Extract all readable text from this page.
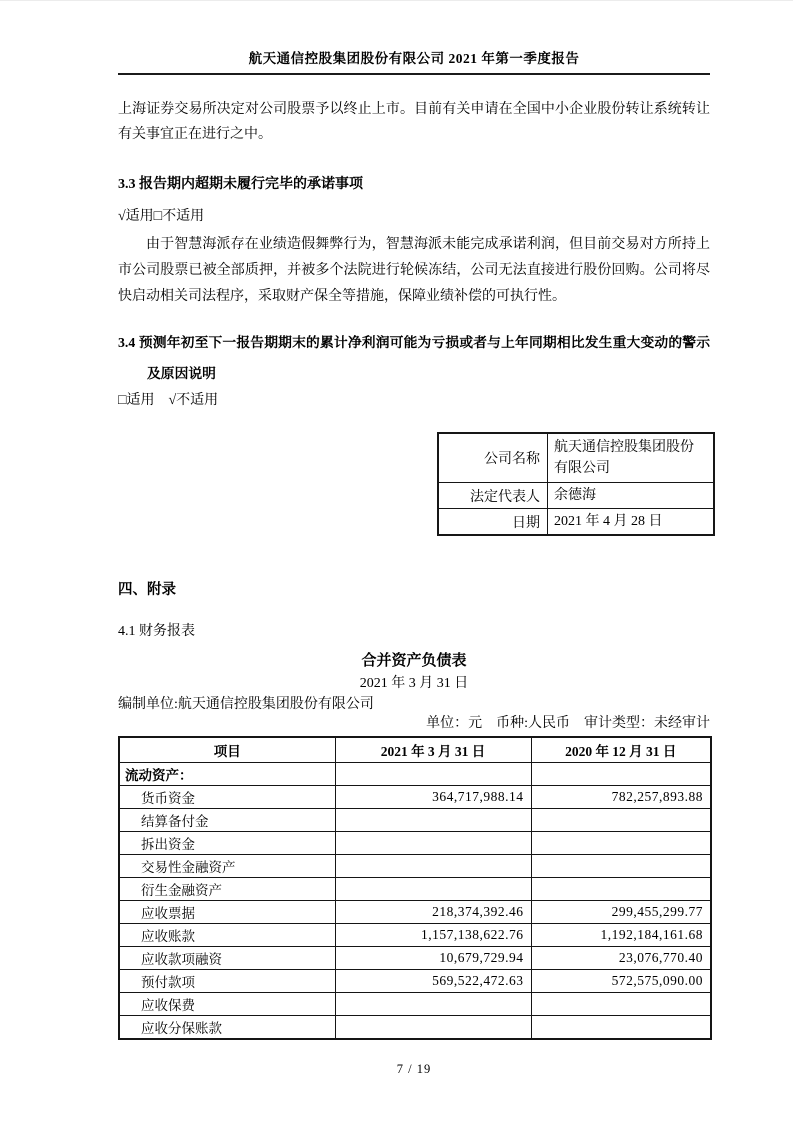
航天通信控股集团股份有限公司 2021 年第一季度报告

上海证券交易所决定对公司股票予以终止上市。目前有关申请在全国中小企业股份转让系统转让有关事宜正在进行之中。

3.3 报告期内超期未履行完毕的承诺事项
√适用□不适用

由于智慧海派存在业绩造假舞弊行为，智慧海派未能完成承诺利润，但目前交易对方所持上市公司股票已被全部质押，并被多个法院进行轮候冻结，公司无法直接进行股份回购。公司将尽快启动相关司法程序，采取财产保全等措施，保障业绩补偿的可执行性。

3.4 预测年初至下一报告期期末的累计净利润可能为亏损或者与上年同期相比发生重大变动的警示及原因说明
□适用　√不适用
公司名称	航天通信控股集团股份有限公司
法定代表人	余德海
日期	2021 年 4 月 28 日
四、附录
4.1 财务报表
合并资产负债表
2021 年 3 月 31 日
编制单位:航天通信控股集团股份有限公司
单位：元　币种:人民币　审计类型：未经审计
项目	2021 年 3 月 31 日	2020 年 12 月 31 日
流动资产：		
货币资金	364,717,988.14	782,257,893.88
结算备付金		
拆出资金		
交易性金融资产		
衍生金融资产		
应收票据	218,374,392.46	299,455,299.77
应收账款	1,157,138,622.76	1,192,184,161.68
应收款项融资	10,679,729.94	23,076,770.40
预付款项	569,522,472.63	572,575,090.00
应收保费		
应收分保账款		
7 / 19
